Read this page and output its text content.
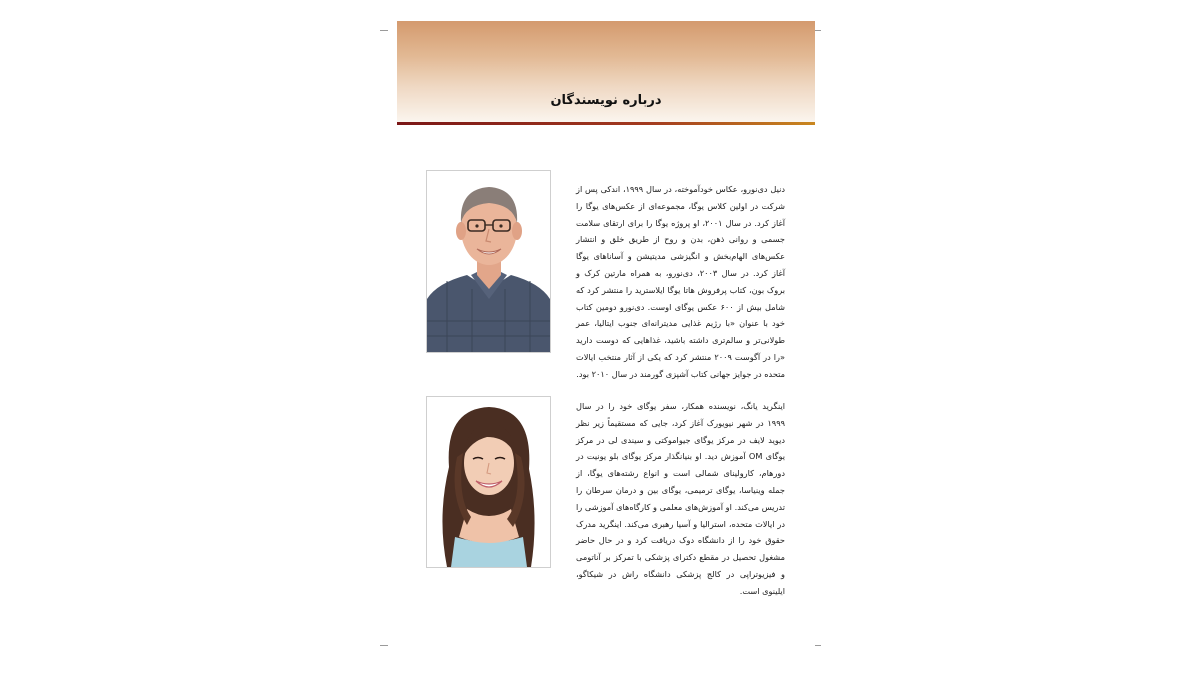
درباره نویسندگان

دنیل دی‌نورو، عکاس خودآموخته، در سال ۱۹۹۹، اندکی پس از شرکت در اولین کلاس یوگا، مجموعه‌ای از عکس‌های یوگا را آغاز کرد. در سال ۲۰۰۱، او پروژه یوگا را برای ارتقای سلامت جسمی و روانی ذهن، بدن و روح از طریق خلق و انتشار عکس‌های الهام‌بخش و انگیزشی مدیتیشن و آسانا‌های یوگا آغاز کرد. در سال ۲۰۰۳، دی‌نورو، به همراه مارتین کرک و بروک بون، کتاب پرفروش هاتا یوگا ایلاسترید را منتشر کرد که شامل بیش از ۶۰۰ عکس یوگای اوست. دی‌نورو دومین کتاب خود با عنوان «با رژیم غذایی مدیترانه‌ای جنوب ایتالیا، عمر طولانی‌تر و سالم‌تری داشته باشید، غذاهایی که دوست دارید «را در آگوست ۲۰۰۹ منتشر کرد که یکی از آثار منتخب ایالات متحده در جوایز جهانی کتاب آشپزی گورمند در سال ۲۰۱۰ بود.

اینگرید یانگ، نویسنده همکار، سفر یوگای خود را در سال ۱۹۹۹ در شهر نیویورک آغاز کرد، جایی که مستقیماً زیر نظر دیوید لایف در مرکز یوگای جیواموکتی و سیندی لی در مرکز یوگای OM آموزش دید. او بنیانگذار مرکز یوگای بلو یونیت در دورهام، کارولینای شمالی است و انواع رشته‌های یوگا، از جمله وینیاسا، یوگای ترمیمی، یوگای بین و درمان سرطان را تدریس می‌کند. او آموزش‌های معلمی و کارگاه‌های آموزشی را در ایالات متحده، استرالیا و آسیا رهبری می‌کند. اینگرید مدرک حقوق خود را از دانشگاه دوک دریافت کرد و در حال حاضر مشغول تحصیل در مقطع دکترای پزشکی با تمرکز بر آناتومی و فیزیوتراپی در کالج پزشکی دانشگاه راش در شیکاگو، ایلینوی است.
